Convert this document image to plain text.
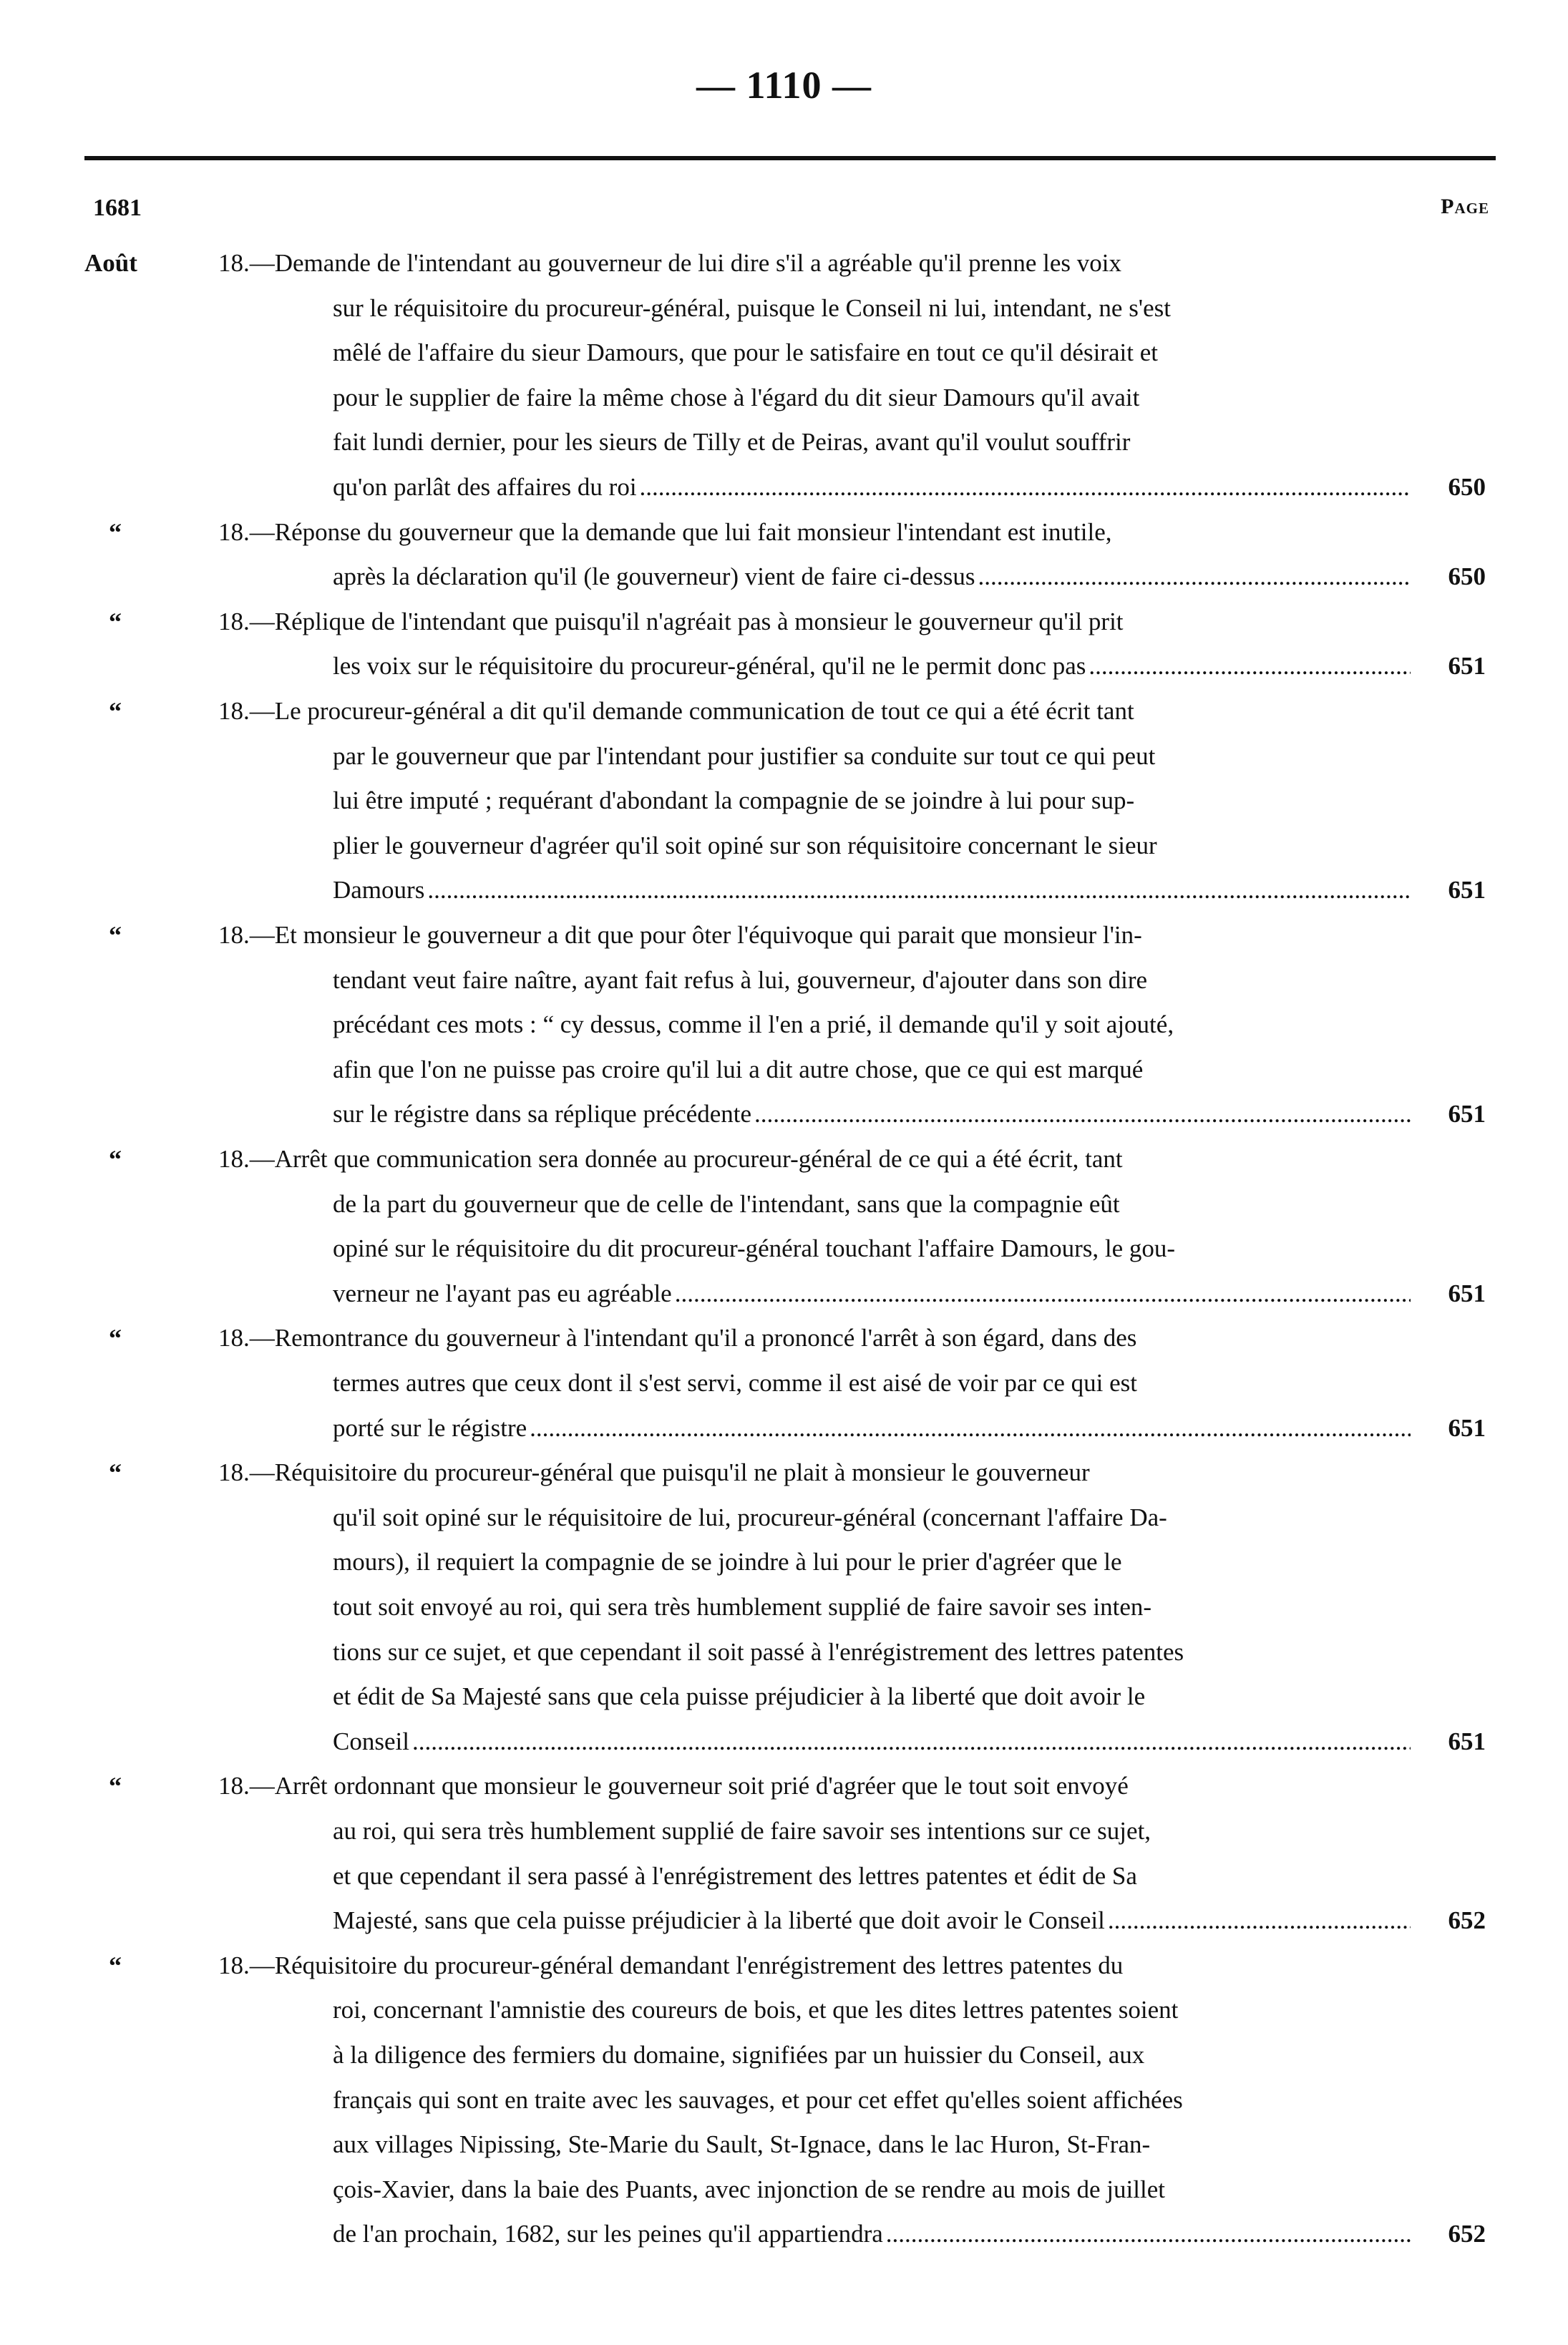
— 1110 —
1681	Page
Août	18.—Demande de l'intendant au gouverneur de lui dire s'il a agréable qu'il prenne les voix
sur le réquisitoire du procureur-général, puisque le Conseil ni lui, intendant, ne s'est
mêlé de l'affaire du sieur Damours, que pour le satisfaire en tout ce qu'il désirait et
pour le supplier de faire la même chose à l'égard du dit sieur Damours qu'il avait
fait lundi dernier, pour les sieurs de Tilly et de Peiras, avant qu'il voulut souffrir
qu'on parlât des affaires du roi .....	650
“	18.—Réponse du gouverneur que la demande que lui fait monsieur l'intendant est inutile,
après la déclaration qu'il (le gouverneur) vient de faire ci-dessus .....	650
“	18.—Réplique de l'intendant que puisqu'il n'agréait pas à monsieur le gouverneur qu'il prit
les voix sur le réquisitoire du procureur-général, qu'il ne le permit donc pas .....	651
“	18.—Le procureur-général a dit qu'il demande communication de tout ce qui a été écrit tant
par le gouverneur que par l'intendant pour justifier sa conduite sur tout ce qui peut
lui être imputé ; requérant d'abondant la compagnie de se joindre à lui pour sup-
plier le gouverneur d'agréer qu'il soit opiné sur son réquisitoire concernant le sieur
Damours .....	651
“	18.—Et monsieur le gouverneur a dit que pour ôter l'équivoque qui parait que monsieur l'in-
tendant veut faire naître, ayant fait refus à lui, gouverneur, d'ajouter dans son dire
précédant ces mots : “ cy dessus, comme il l'en a prié, il demande qu'il y soit ajouté,
afin que l'on ne puisse pas croire qu'il lui a dit autre chose, que ce qui est marqué
sur le régistre dans sa réplique précédente .....	651
“	18.—Arrêt que communication sera donnée au procureur-général de ce qui a été écrit, tant
de la part du gouverneur que de celle de l'intendant, sans que la compagnie eût
opiné sur le réquisitoire du dit procureur-général touchant l'affaire Damours, le gou-
verneur ne l'ayant pas eu agréable .....	651
“	18.—Remontrance du gouverneur à l'intendant qu'il a prononcé l'arrêt à son égard, dans des
termes autres que ceux dont il s'est servi, comme il est aisé de voir par ce qui est
porté sur le régistre .....	651
“	18.—Réquisitoire du procureur-général que puisqu'il ne plait à monsieur le gouverneur
qu'il soit opiné sur le réquisitoire de lui, procureur-général (concernant l'affaire Da-
mours), il requiert la compagnie de se joindre à lui pour le prier d'agréer que le
tout soit envoyé au roi, qui sera très humblement supplié de faire savoir ses inten-
tions sur ce sujet, et que cependant il soit passé à l'enrégistrement des lettres patentes
et édit de Sa Majesté sans que cela puisse préjudicier à la liberté que doit avoir le
Conseil .....	651
“	18.—Arrêt ordonnant que monsieur le gouverneur soit prié d'agréer que le tout soit envoyé
au roi, qui sera très humblement supplié de faire savoir ses intentions sur ce sujet,
et que cependant il sera passé à l'enrégistrement des lettres patentes et édit de Sa
Majesté, sans que cela puisse préjudicier à la liberté que doit avoir le Conseil .....	652
“	18.—Réquisitoire du procureur-général demandant l'enrégistrement des lettres patentes du
roi, concernant l'amnistie des coureurs de bois, et que les dites lettres patentes soient
à la diligence des fermiers du domaine, signifiées par un huissier du Conseil, aux
français qui sont en traite avec les sauvages, et pour cet effet qu'elles soient affichées
aux villages Nipissing, Ste-Marie du Sault, St-Ignace, dans le lac Huron, St-Fran-
çois-Xavier, dans la baie des Puants, avec injonction de se rendre au mois de juillet
de l'an prochain, 1682, sur les peines qu'il appartiendra .....	652
